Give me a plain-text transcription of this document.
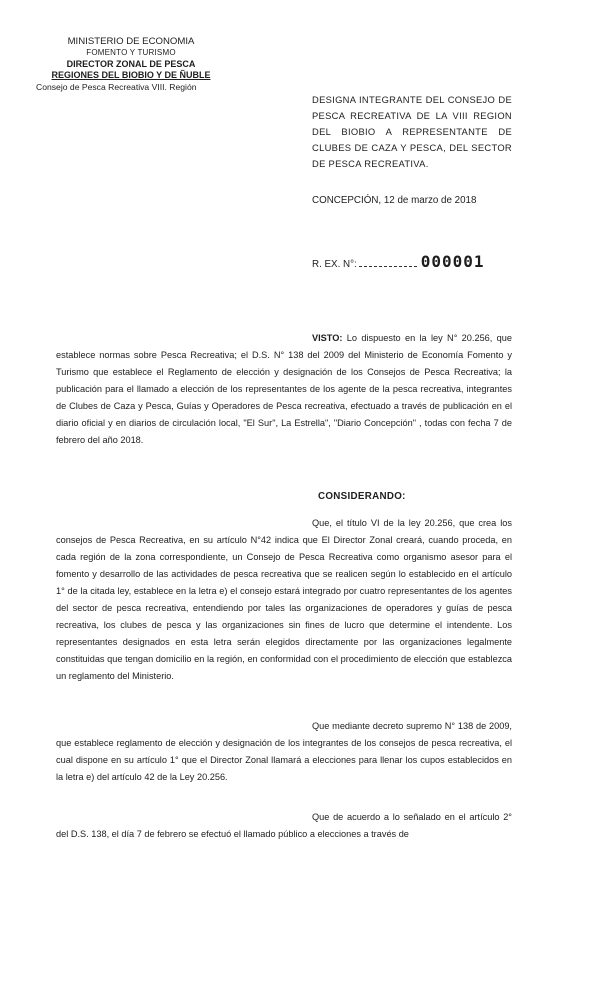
MINISTERIO DE ECONOMIA
FOMENTO Y TURISMO
DIRECTOR ZONAL DE PESCA
REGIONES DEL BIOBIO Y DE ÑUBLE
Consejo de Pesca Recreativa VIII. Región
DESIGNA INTEGRANTE DEL CONSEJO DE PESCA RECREATIVA DE LA VIII REGION DEL BIOBIO A REPRESENTANTE DE CLUBES DE CAZA Y PESCA, DEL SECTOR DE PESCA RECREATIVA.
CONCEPCIÓN, 12 de marzo de 2018
R. EX. N°:	000001

VISTO: Lo dispuesto en la ley N° 20.256, que establece normas sobre Pesca Recreativa; el D.S. N° 138 del 2009 del Ministerio de Economía Fomento y Turismo que establece el Reglamento de elección y designación de los Consejos de Pesca Recreativa; la publicación para el llamado a elección de los representantes de los agente de la pesca recreativa, integrantes de Clubes de Caza y Pesca, Guías y Operadores de Pesca recreativa, efectuado a través de publicación en el diario oficial y en diarios de circulación local, "El Sur", La Estrella", "Diario Concepción" , todas con fecha 7 de febrero del año 2018.

CONSIDERANDO:

Que, el título VI de la ley 20.256, que crea los consejos de Pesca Recreativa, en su artículo N°42 indica que El Director Zonal creará, cuando proceda, en cada región de la zona correspondiente, un Consejo de Pesca Recreativa como organismo asesor para el fomento y desarrollo de las actividades de pesca recreativa que se realicen según lo establecido en el artículo 1° de la citada ley, establece en la letra e) el consejo estará integrado por cuatro representantes de los agentes del sector de pesca recreativa, entendiendo por tales las organizaciones de operadores y guías de pesca recreativa, los clubes de pesca y las organizaciones sin fines de lucro que determine el intendente. Los representantes designados en esta letra serán elegidos directamente por las organizaciones legalmente constituidas que tengan domicilio en la región, en conformidad con el procedimiento de elección que establezca un reglamento del Ministerio.

Que mediante decreto supremo N° 138 de 2009, que establece reglamento de elección y designación de los integrantes de los consejos de pesca recreativa, el cual dispone en su artículo 1° que el Director Zonal llamará a elecciones para llenar los cupos establecidos en la letra e) del artículo 42 de la Ley 20.256.

Que de acuerdo a lo señalado en el artículo 2° del D.S. 138, el día 7 de febrero se efectuó el llamado público a elecciones a través de
